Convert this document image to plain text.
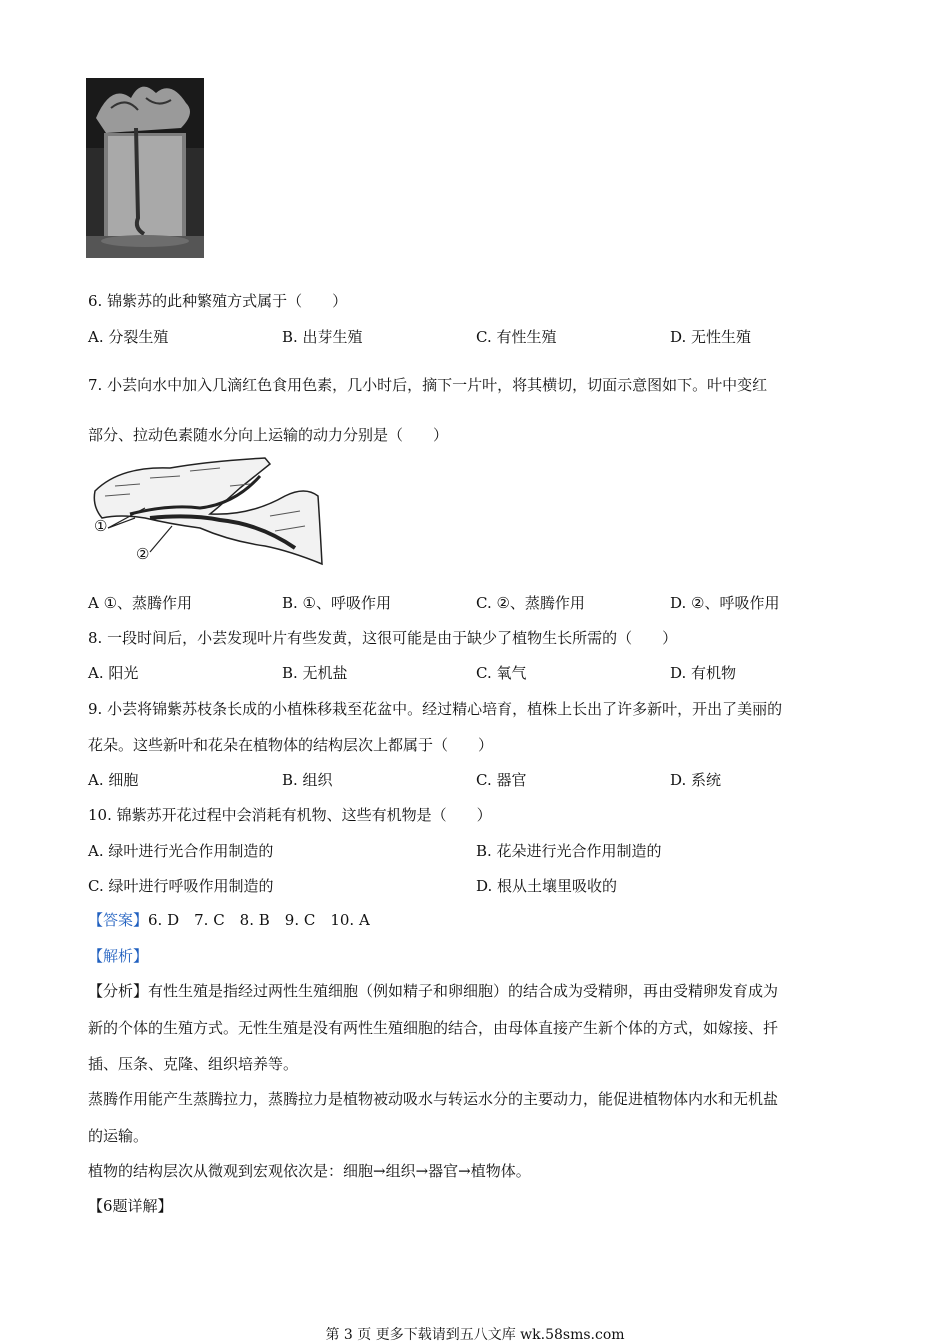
6. 锦紫苏的此种繁殖方式属于（　　）
A. 分裂生殖	B. 出芽生殖	C. 有性生殖	D. 无性生殖
7. 小芸向水中加入几滴红色食用色素，几小时后，摘下一片叶，将其横切，切面示意图如下。叶中变红
部分、拉动色素随水分向上运输的动力分别是（　　）
①
②
A ①、蒸腾作用	B. ①、呼吸作用	C. ②、蒸腾作用	D. ②、呼吸作用
8. 一段时间后，小芸发现叶片有些发黄，这很可能是由于缺少了植物生长所需的（　　）
A. 阳光	B. 无机盐	C. 氧气	D. 有机物
9. 小芸将锦紫苏枝条长成的小植株移栽至花盆中。经过精心培育，植株上长出了许多新叶，开出了美丽的
花朵。这些新叶和花朵在植物体的结构层次上都属于（　　）
A. 细胞	B. 组织	C. 器官	D. 系统
10. 锦紫苏开花过程中会消耗有机物、这些有机物是（　　）
A. 绿叶进行光合作用制造的	B. 花朵进行光合作用制造的
C. 绿叶进行呼吸作用制造的	D. 根从土壤里吸收的
【答案】6. D　7. C　8. B　9. C　10. A
【解析】
【分析】有性生殖是指经过两性生殖细胞（例如精子和卵细胞）的结合成为受精卵，再由受精卵发育成为
新的个体的生殖方式。无性生殖是没有两性生殖细胞的结合，由母体直接产生新个体的方式，如嫁接、扦
插、压条、克隆、组织培养等。
蒸腾作用能产生蒸腾拉力，蒸腾拉力是植物被动吸水与转运水分的主要动力，能促进植物体内水和无机盐
的运输。
植物的结构层次从微观到宏观依次是：细胞→组织→器官→植物体。
【6题详解】
第 3 页 更多下载请到五八文库 wk.58sms.com
